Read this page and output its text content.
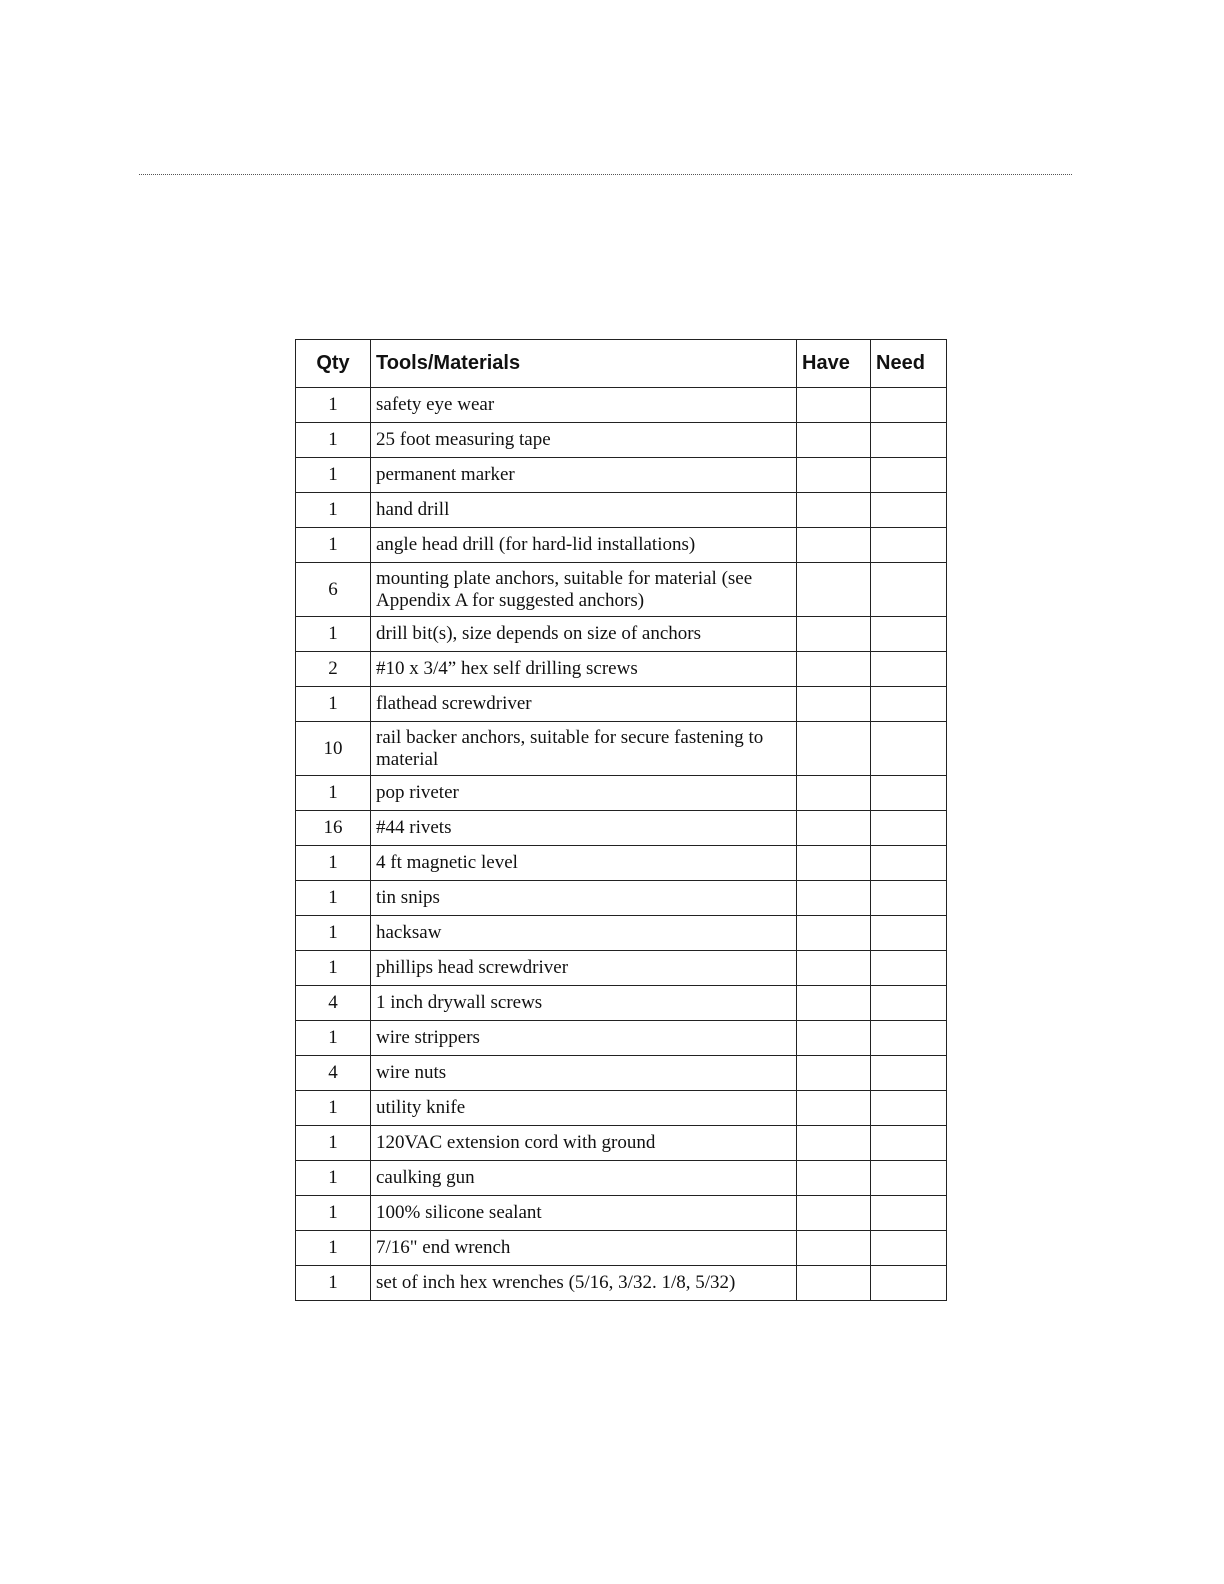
Qty	Tools/Materials	Have	Need
1	safety eye wear		
1	25 foot measuring tape		
1	permanent marker		
1	hand drill		
1	angle head drill (for hard-lid installations)		
6	mounting plate anchors, suitable for material (see Appendix A for suggested anchors)		
1	drill bit(s), size depends on size of anchors		
2	#10 x 3/4” hex self drilling screws		
1	flathead screwdriver		
10	rail backer anchors, suitable for secure fastening to material		
1	pop riveter		
16	#44 rivets		
1	4 ft magnetic level		
1	tin snips		
1	hacksaw		
1	phillips head screwdriver		
4	1 inch drywall screws		
1	wire strippers		
4	wire nuts		
1	utility knife		
1	120VAC extension cord with ground		
1	caulking gun		
1	100% silicone sealant		
1	7/16" end wrench		
1	set of inch hex wrenches (5/16, 3/32. 1/8, 5/32)		
